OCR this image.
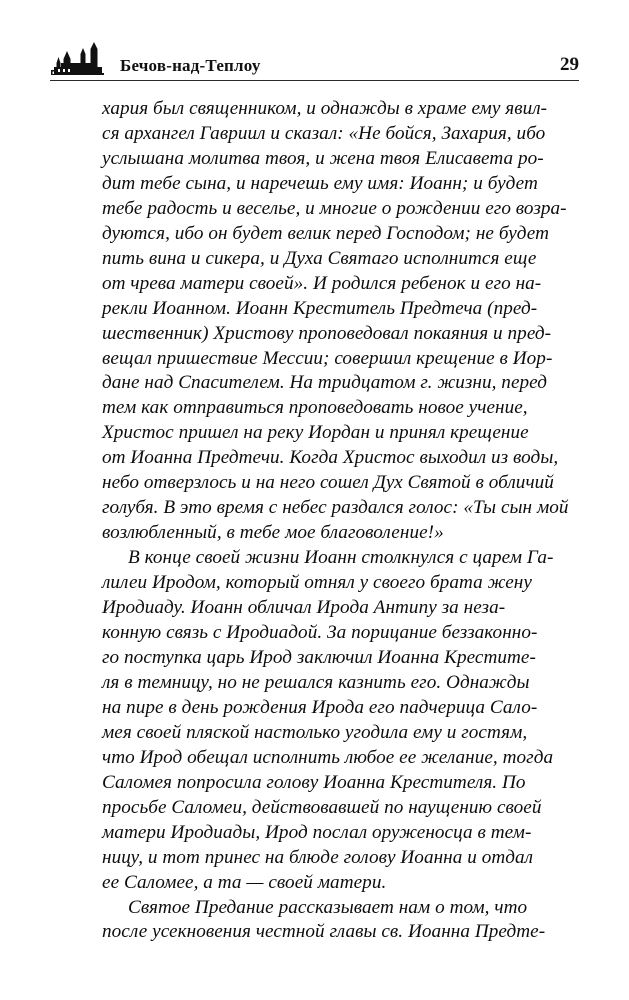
Бечов-над-Теплоу	29
хария был священником, и однажды в храме ему явил-
ся архангел Гавриил и сказал: «Не бойся, Захария, ибо
услышана молитва твоя, и жена твоя Елисавета ро-
дит тебе сына, и наречешь ему имя: Иоанн; и будет
тебе радость и веселье, и многие о рождении его возра-
дуются, ибо он будет велик перед Господом; не будет
пить вина и сикера, и Духа Святаго исполнится еще
от чрева матери своей». И родился ребенок и его на-
рекли Иоанном. Иоанн Креститель Предтеча (пред-
шественник) Христову проповедовал покаяния и пред-
вещал пришествие Мессии; совершил крещение в Иор-
дане над Спасителем. На тридцатом г. жизни, перед
тем как отправиться проповедовать новое учение,
Христос пришел на реку Иордан и принял крещение
от Иоанна Предтечи. Когда Христос выходил из воды,
небо отверзлось и на него сошел Дух Святой в обличий
голубя. В это время с небес раздался голос: «Ты сын мой
возлюбленный, в тебе мое благоволение!»
В конце своей жизни Иоанн столкнулся с царем Га-
лилеи Иродом, который отнял у своего брата жену
Иродиаду. Иоанн обличал Ирода Антипу за неза-
конную связь с Иродиадой. За порицание беззаконно-
го поступка царь Ирод заключил Иоанна Крестите-
ля в темницу, но не решался казнить его. Однажды
на пире в день рождения Ирода его падчерица Сало-
мея своей пляской настолько угодила ему и гостям,
что Ирод обещал исполнить любое ее желание, тогда
Саломея попросила голову Иоанна Крестителя. По
просьбе Саломеи, действовавшей по наущению своей
матери Иродиады, Ирод послал оруженосца в тем-
ницу, и тот принес на блюде голову Иоанна и отдал
ее Саломее, а та — своей матери.
Святое Предание рассказывает нам о том, что
после усекновения честной главы св. Иоанна Предте-
